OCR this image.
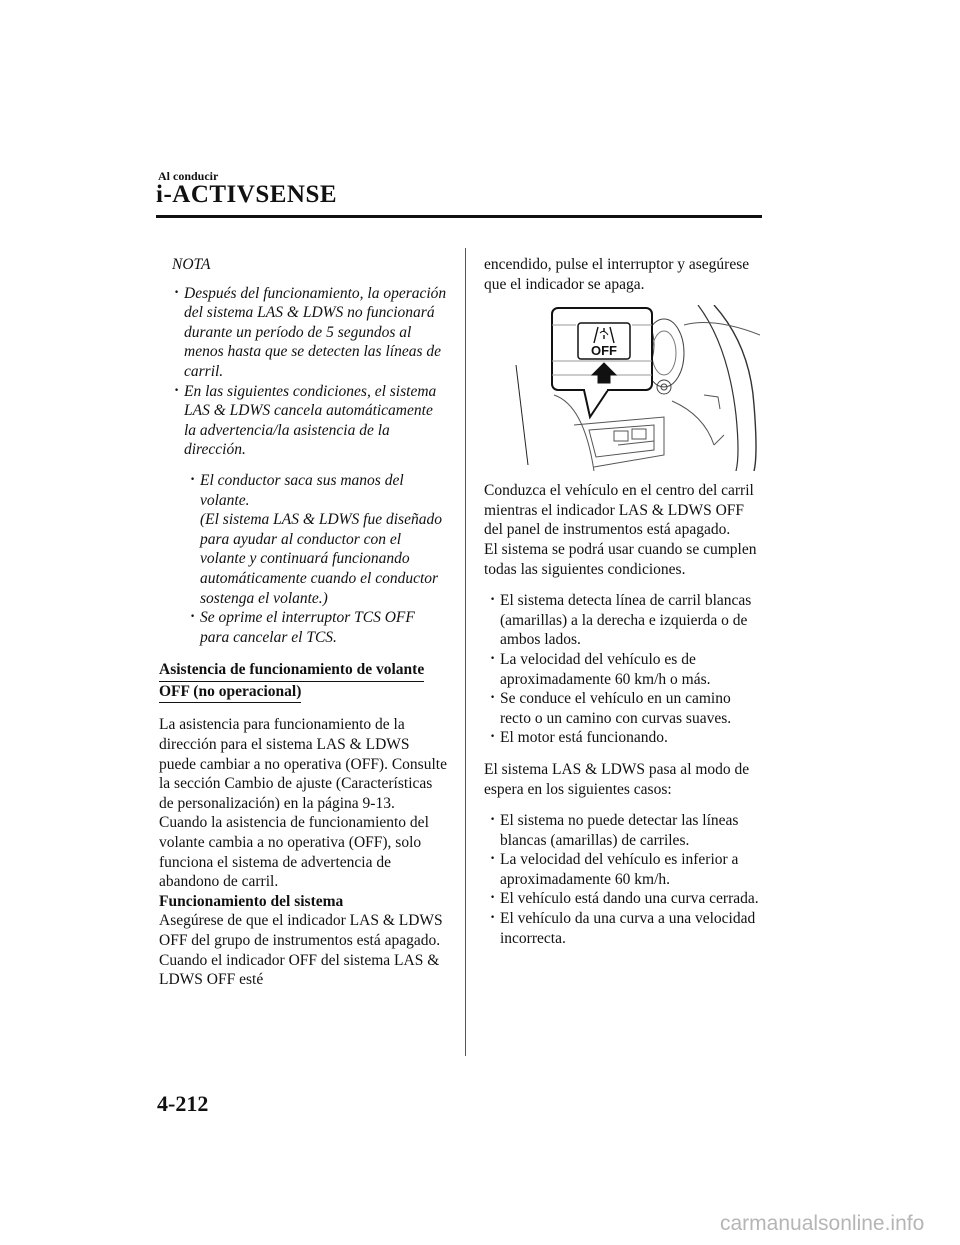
Al conducir
i-ACTIVSENSE
NOTA
· Después del funcionamiento, la operación del sistema LAS & LDWS no funcionará durante un período de 5 segundos al menos hasta que se detecten las líneas de carril.
· En las siguientes condiciones, el sistema LAS & LDWS cancela automáticamente la advertencia/la asistencia de la dirección.
· El conductor saca sus manos del volante.
(El sistema LAS & LDWS fue diseñado para ayudar al conductor con el volante y continuará funcionando automáticamente cuando el conductor sostenga el volante.)
· Se oprime el interruptor TCS OFF para cancelar el TCS.
Asistencia de funcionamiento de volante
OFF (no operacional)
La asistencia para funcionamiento de la dirección para el sistema LAS & LDWS puede cambiar a no operativa (OFF). Consulte la sección Cambio de ajuste (Características de personalización) en la página 9-13.
Cuando la asistencia de funcionamiento del volante cambia a no operativa (OFF), solo funciona el sistema de advertencia de abandono de carril.
Funcionamiento del sistema
Asegúrese de que el indicador LAS & LDWS OFF del grupo de instrumentos está apagado. Cuando el indicador OFF del sistema LAS & LDWS OFF esté
encendido, pulse el interruptor y asegúrese que el indicador se apaga.
OFF
Conduzca el vehículo en el centro del carril mientras el indicador LAS & LDWS OFF del panel de instrumentos está apagado.
El sistema se podrá usar cuando se cumplen todas las siguientes condiciones.
· El sistema detecta línea de carril blancas (amarillas) a la derecha e izquierda o de ambos lados.
· La velocidad del vehículo es de aproximadamente 60 km/h o más.
· Se conduce el vehículo en un camino recto o un camino con curvas suaves.
· El motor está funcionando.
El sistema LAS & LDWS pasa al modo de espera en los siguientes casos:
· El sistema no puede detectar las líneas blancas (amarillas) de carriles.
· La velocidad del vehículo es inferior a aproximadamente 60 km/h.
· El vehículo está dando una curva cerrada.
· El vehículo da una curva a una velocidad incorrecta.
4-212
carmanualsonline.info
